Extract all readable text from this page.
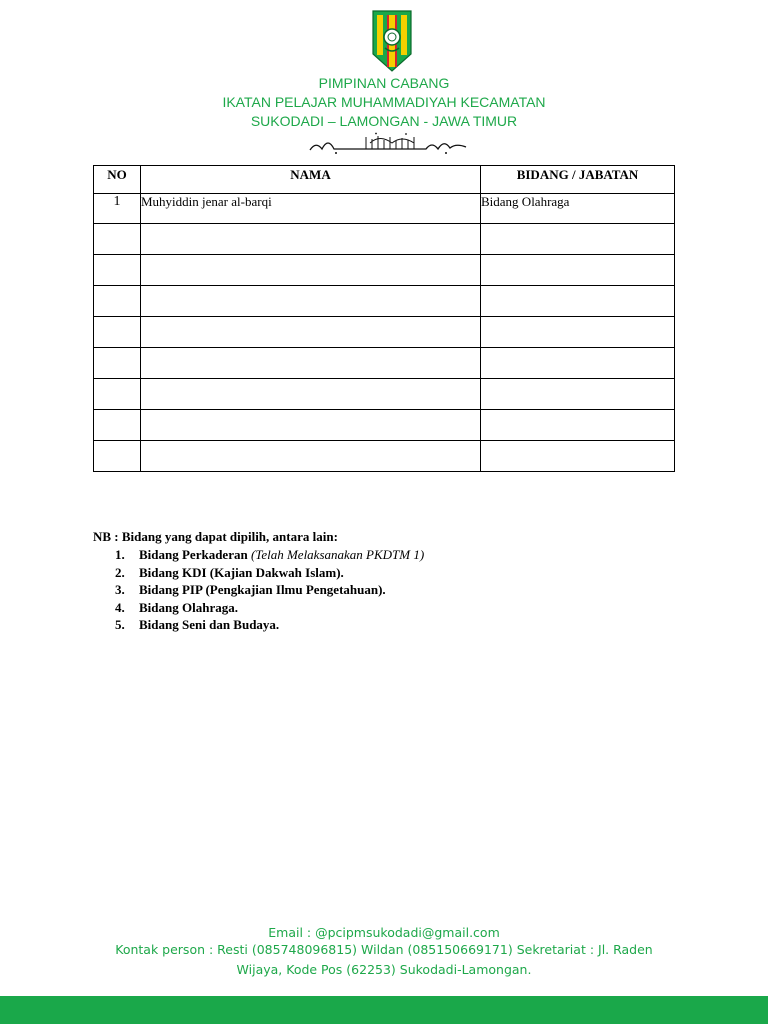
PIMPINAN CABANG
IKATAN PELAJAR MUHAMMADIYAH KECAMATAN
SUKODADI – LAMONGAN - JAWA TIMUR
NO	NAMA	BIDANG / JABATAN
1	Muhyiddin jenar al-barqi	Bidang Olahraga

NB : Bidang yang dapat dipilih, antara lain:
1. Bidang Perkaderan (Telah Melaksanakan PKDTM 1)
2. Bidang KDI (Kajian Dakwah Islam).
3. Bidang PIP (Pengkajian Ilmu Pengetahuan).
4. Bidang Olahraga.
5. Bidang Seni dan Budaya.
Email : @pcipmsukodadi@gmail.com
Kontak person : Resti (085748096815) Wildan (085150669171) Sekretariat : Jl. Raden
Wijaya, Kode Pos (62253) Sukodadi-Lamongan.
